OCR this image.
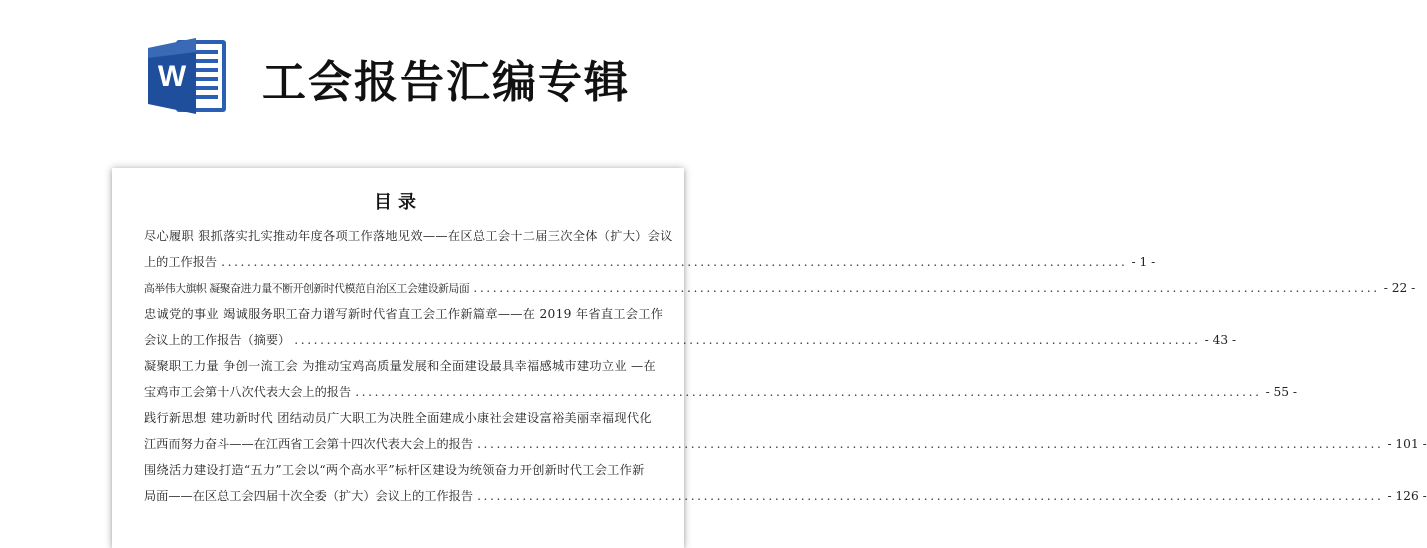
W 工会报告汇编专辑
目录
尽心履职 狠抓落实扎实推动年度各项工作落地见效——在区总工会十二届三次全体（扩大）会议
上的工作报告 ............................................................................................................................................ - 1 -
高举伟大旗帜 凝聚奋进力量不断开创新时代模范自治区工会建设新局面 ............................................................................................................................................ - 22 -
忠诚党的事业 竭诚服务职工奋力谱写新时代省直工会工作新篇章——在 2019 年省直工会工作
会议上的工作报告（摘要） ............................................................................................................................................ - 43 -
凝聚职工力量 争创一流工会 为推动宝鸡高质量发展和全面建设最具幸福感城市建功立业 —在
宝鸡市工会第十八次代表大会上的报告 ............................................................................................................................................ - 55 -
践行新思想 建功新时代 团结动员广大职工为决胜全面建成小康社会建设富裕美丽幸福现代化
江西而努力奋斗——在江西省工会第十四次代表大会上的报告 ............................................................................................................................................ - 101 -
围绕活力建设打造“五力”工会以“两个高水平”标杆区建设为统领奋力开创新时代工会工作新
局面——在区总工会四届十次全委（扩大）会议上的工作报告 ............................................................................................................................................ - 126 -
